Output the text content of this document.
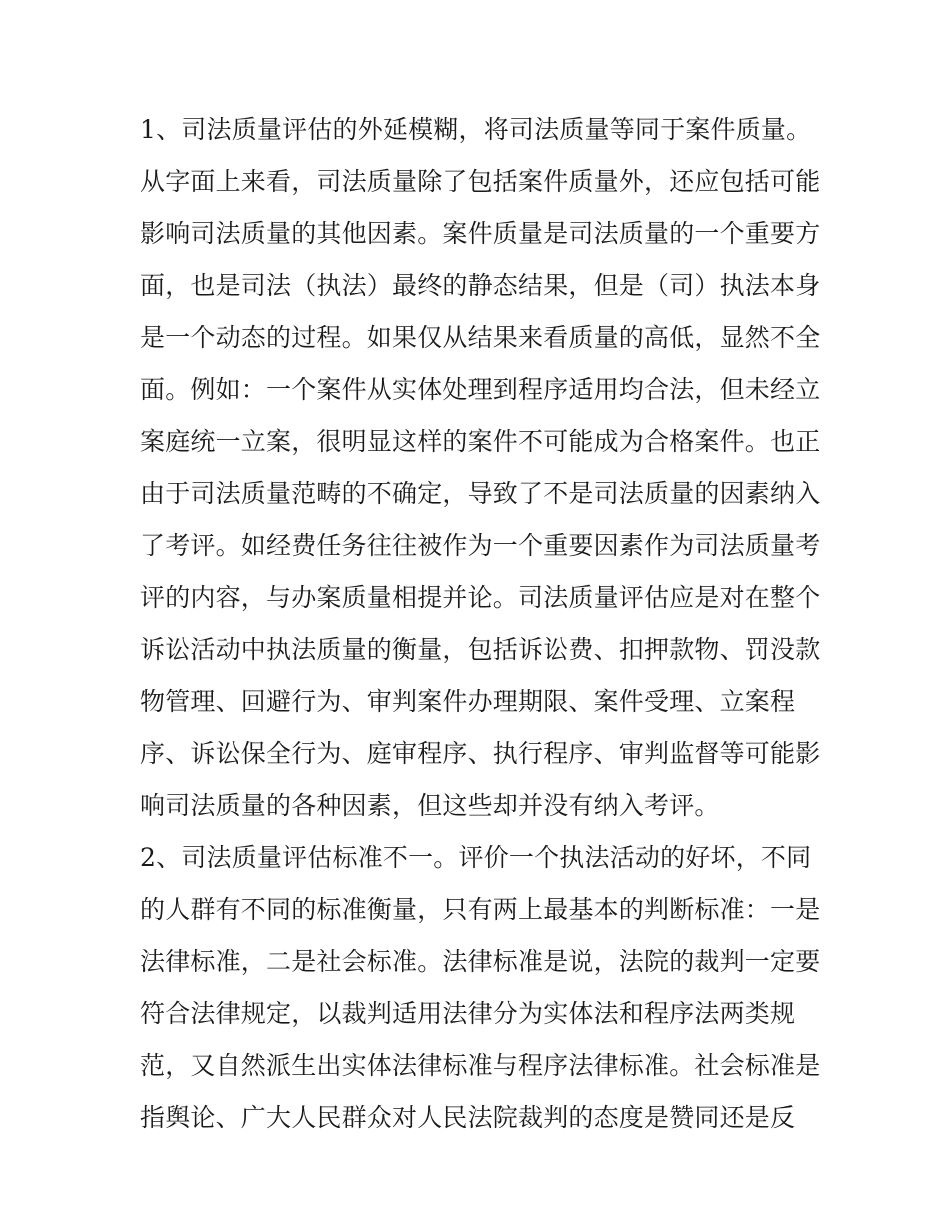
1、司法质量评估的外延模糊，将司法质量等同于案件质量。
从字面上来看，司法质量除了包括案件质量外，还应包括可能
影响司法质量的其他因素。案件质量是司法质量的一个重要方
面，也是司法（执法）最终的静态结果，但是（司）执法本身
是一个动态的过程。如果仅从结果来看质量的高低，显然不全
面。例如：一个案件从实体处理到程序适用均合法，但未经立
案庭统一立案，很明显这样的案件不可能成为合格案件。也正
由于司法质量范畴的不确定，导致了不是司法质量的因素纳入
了考评。如经费任务往往被作为一个重要因素作为司法质量考
评的内容，与办案质量相提并论。司法质量评估应是对在整个
诉讼活动中执法质量的衡量，包括诉讼费、扣押款物、罚没款
物管理、回避行为、审判案件办理期限、案件受理、立案程
序、诉讼保全行为、庭审程序、执行程序、审判监督等可能影
响司法质量的各种因素，但这些却并没有纳入考评。
2、司法质量评估标准不一。评价一个执法活动的好坏，不同
的人群有不同的标准衡量，只有两上最基本的判断标准：一是
法律标准，二是社会标准。法律标准是说，法院的裁判一定要
符合法律规定，以裁判适用法律分为实体法和程序法两类规
范，又自然派生出实体法律标准与程序法律标准。社会标准是
指舆论、广大人民群众对人民法院裁判的态度是赞同还是反
